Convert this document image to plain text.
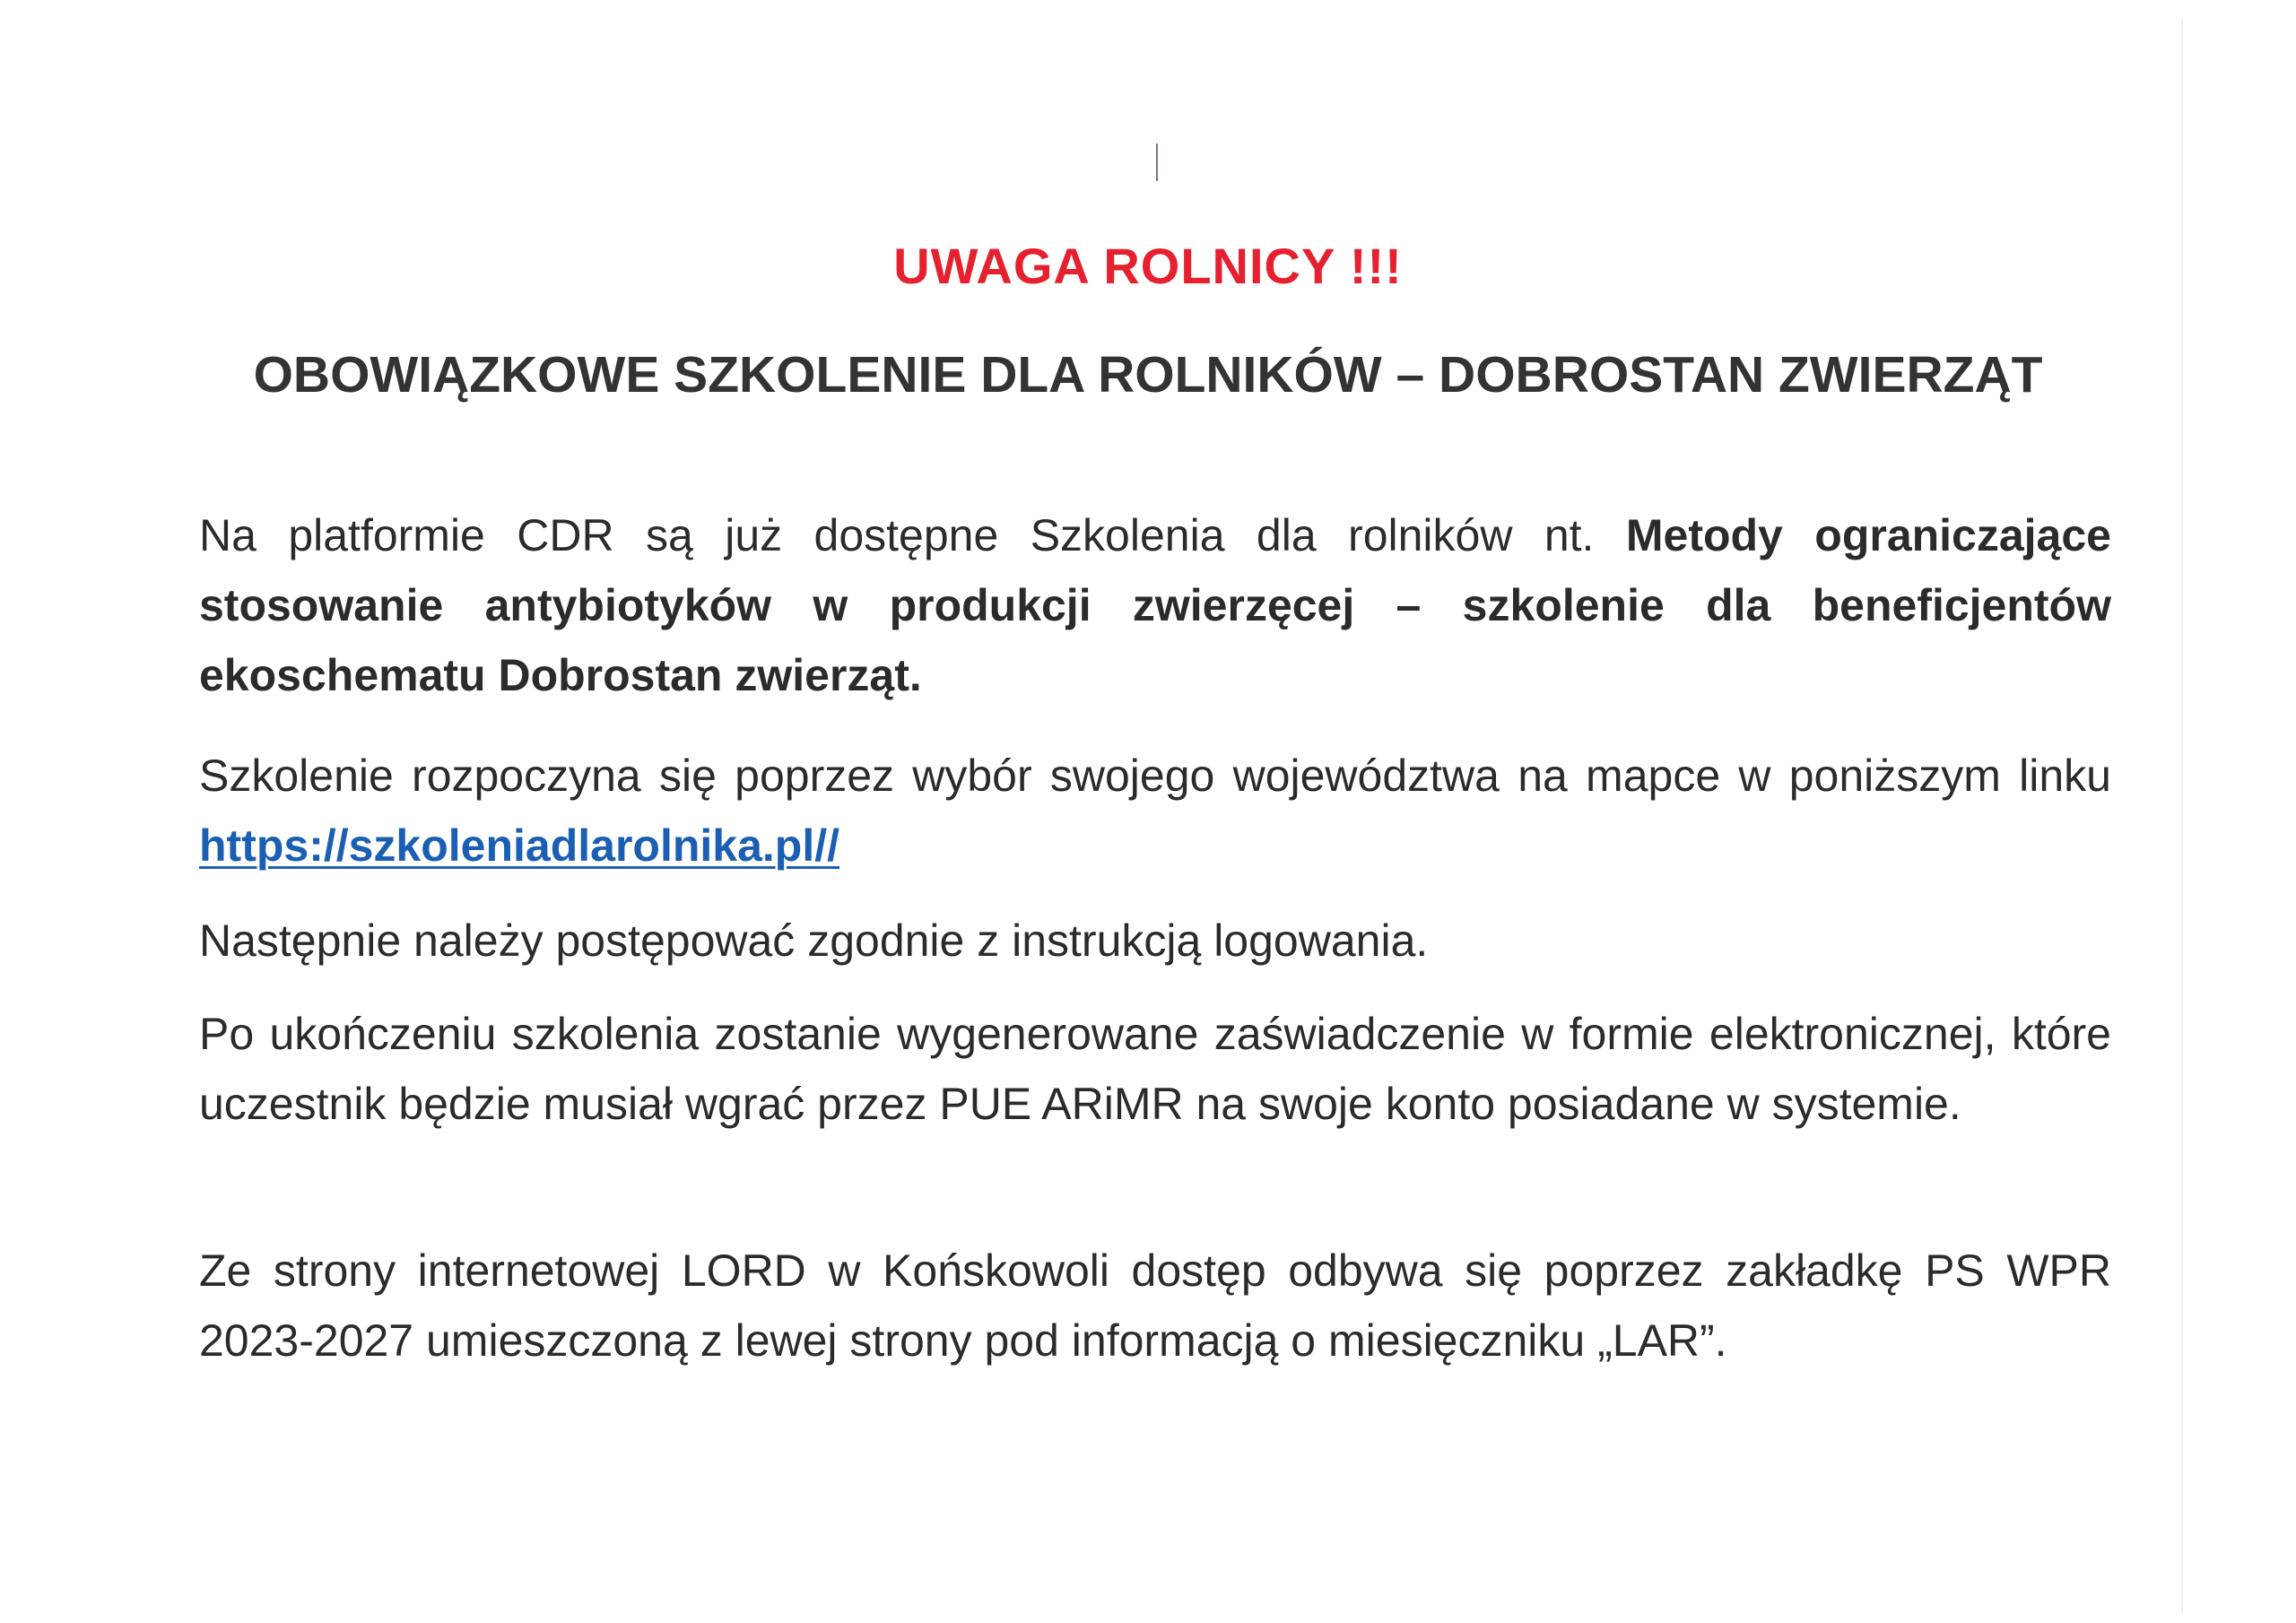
UWAGA ROLNICY !!!
OBOWIĄZKOWE SZKOLENIE DLA ROLNIKÓW – DOBROSTAN ZWIERZĄT
Na platformie CDR są już dostępne Szkolenia dla rolników nt. Metody ograniczające stosowanie antybiotyków w produkcji zwierzęcej – szkolenie dla beneficjentów ekoschematu Dobrostan zwierząt.
Szkolenie rozpoczyna się poprzez wybór swojego województwa na mapce w poniższym linku https://szkoleniadlarolnika.pl//
Następnie należy postępować zgodnie z instrukcją logowania.
Po ukończeniu szkolenia zostanie wygenerowane zaświadczenie w formie elektronicznej, które uczestnik będzie musiał wgrać przez PUE ARiMR na swoje konto posiadane w systemie.
Ze strony internetowej LORD w Końskowoli dostęp odbywa się poprzez zakładkę PS WPR
2023-2027 umieszczoną z lewej strony pod informacją o miesięczniku „LAR”.
